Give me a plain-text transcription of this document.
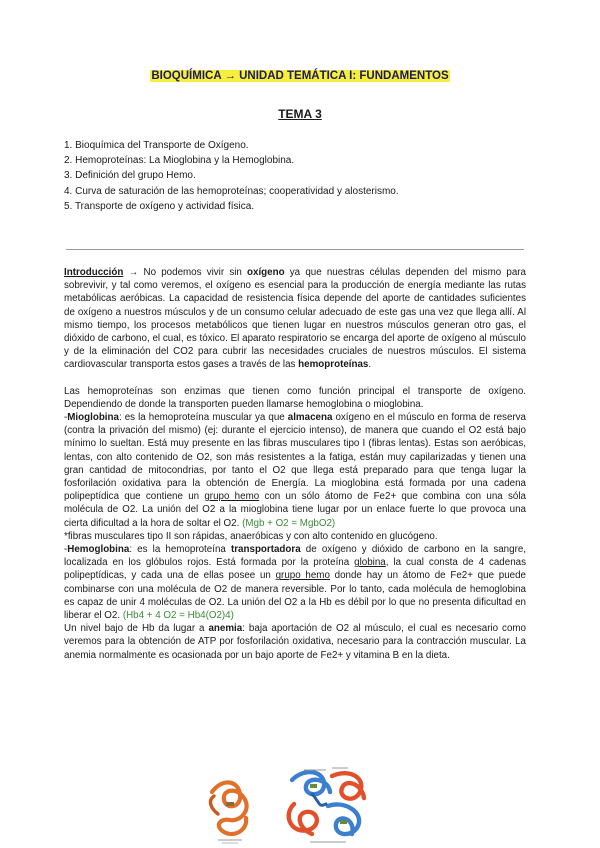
BIOQUÍMICA → UNIDAD TEMÁTICA I: FUNDAMENTOS
TEMA 3
1. Bioquímica del Transporte de Oxígeno.
2. Hemoproteínas: La Mioglobina y la Hemoglobina.
3. Definición del grupo Hemo.
4. Curva de saturación de las hemoproteínas; cooperatividad y alosterismo.
5. Transporte de oxígeno y actividad física.

Introducción → No podemos vivir sin oxígeno ya que nuestras células dependen del mismo para sobrevivir, y tal como veremos, el oxígeno es esencial para la producción de energía mediante las rutas metabólicas aeróbicas. La capacidad de resistencia física depende del aporte de cantidades suficientes de oxígeno a nuestros músculos y de un consumo celular adecuado de este gas una vez que llega allí. Al mismo tiempo, los procesos metabólicos que tienen lugar en nuestros músculos generan otro gas, el dióxido de carbono, el cual, es tóxico. El aparato respiratorio se encarga del aporte de oxígeno al músculo y de la eliminación del CO2 para cubrir las necesidades cruciales de nuestros músculos. El sistema cardiovascular transporta estos gases a través de las hemoproteínas.

Las hemoproteínas son enzimas que tienen como función principal el transporte de oxígeno. Dependiendo de donde la transporten pueden llamarse hemoglobina o mioglobina.

-Mioglobina: es la hemoproteína muscular ya que almacena oxígeno en el músculo en forma de reserva (contra la privación del mismo) (ej: durante el ejercicio intenso), de manera que cuando el O2 está bajo mínimo lo sueltan. Está muy presente en las fibras musculares tipo I (fibras lentas). Estas son aeróbicas, lentas, con alto contenido de O2, son más resistentes a la fatiga, están muy capilarizadas y tienen una gran cantidad de mitocondrias, por tanto el O2 que llega está preparado para que tenga lugar la fosforilación oxidativa para la obtención de Energía. La mioglobina está formada por una cadena polipeptídica que contiene un grupo hemo con un sólo átomo de Fe2+ que combina con una sóla molécula de O2. La unión del O2 a la mioglobina tiene lugar por un enlace fuerte lo que provoca una cierta dificultad a la hora de soltar el O2. (Mgb + O2 = MgbO2)

*fibras musculares tipo II son rápidas, anaeróbicas y con alto contenido en glucógeno.

-Hemoglobina: es la hemoproteína transportadora de oxígeno y dióxido de carbono en la sangre, localizada en los glóbulos rojos. Está formada por la proteína globina, la cual consta de 4 cadenas polipeptídicas, y cada una de ellas posee un grupo hemo donde hay un átomo de Fe2+ que puede combinarse con una molécula de O2 de manera reversible. Por lo tanto, cada molécula de hemoglobina es capaz de unir 4 moléculas de O2. La unión del O2 a la Hb es débil por lo que no presenta dificultad en liberar el O2. (Hb4 + 4 O2 = Hb4(O2)4)

Un nivel bajo de Hb da lugar a anemia: baja aportación de O2 al músculo, el cual es necesario como veremos para la obtención de ATP por fosforilación oxidativa, necesario para la contracción muscular. La anemia normalmente es ocasionada por un bajo aporte de Fe2+ y vitamina B en la dieta.
